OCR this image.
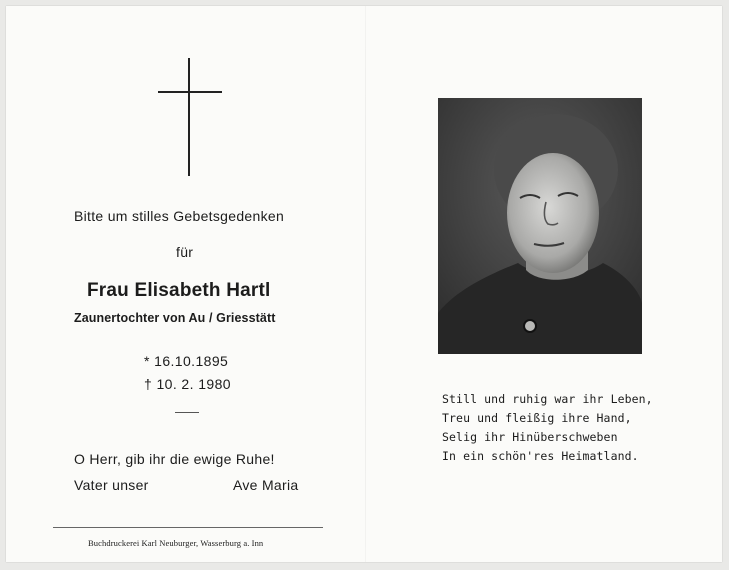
Bitte um stilles Gebetsgedenken
für
Frau Elisabeth Hartl
Zaunertochter von Au / Griesstätt
* 16.10.1895
† 10. 2. 1980
O Herr, gib ihr die ewige Ruhe!
Vater unser	Ave Maria
Buchdruckerei Karl Neuburger, Wasserburg a. Inn
Still und ruhig war ihr Leben,
Treu und fleißig ihre Hand,
Selig ihr Hinüberschweben
In ein schön'res Heimatland.
